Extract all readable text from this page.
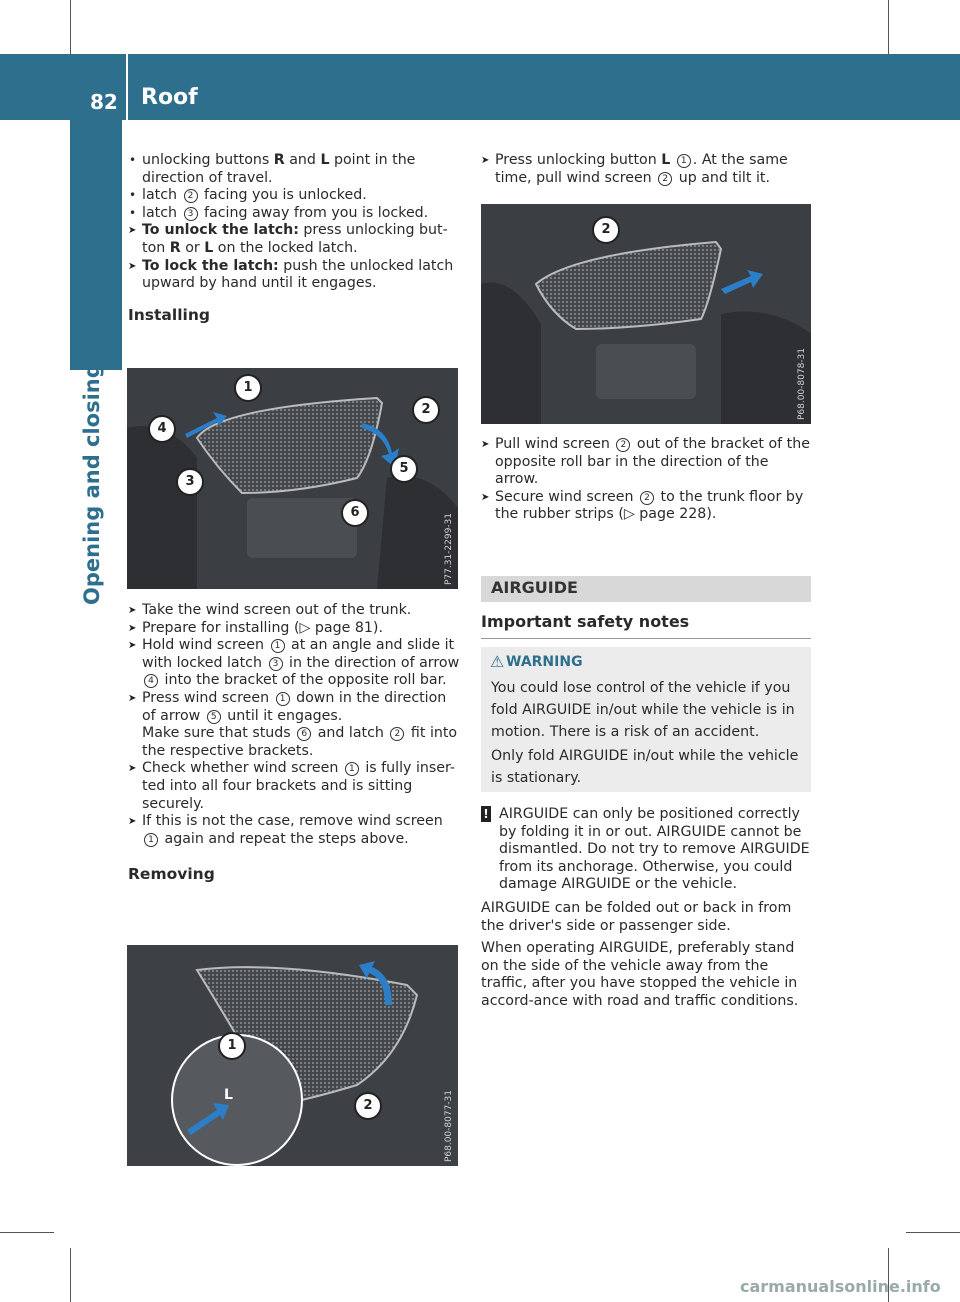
82 Roof
Opening and closing

• unlocking buttons R and L point in the direction of travel.

• latch 2 facing you is unlocked.

• latch 3 facing away from you is locked.

➤ To unlock the latch: press unlocking but-ton R or L on the locked latch.

➤ To lock the latch: push the unlocked latch upward by hand until it engages.

Installing

1
2
3
4
5
6
P77.31-2299-31

➤ Take the wind screen out of the trunk.

➤ Prepare for installing (▷ page 81).

➤ Hold wind screen 1 at an angle and slide it with locked latch 3 in the direction of arrow 4 into the bracket of the opposite roll bar.

➤ Press wind screen 1 down in the direction of arrow 5 until it engages.
Make sure that studs 6 and latch 2 fit into the respective brackets.

➤ Check whether wind screen 1 is fully inser-ted into all four brackets and is sitting securely.

➤ If this is not the case, remove wind screen 1 again and repeat the steps above.

Removing

1
2
L	P68.00-8077-31

➤ Press unlocking button L 1 . At the same time, pull wind screen 2 up and tilt it.

2
P68.00-8078-31

➤ Pull wind screen 2 out of the bracket of the opposite roll bar in the direction of the arrow.

➤ Secure wind screen 2 to the trunk floor by the rubber strips (▷ page 228).

AIRGUIDE
Important safety notes
⚠ WARNING

You could lose control of the vehicle if you fold AIRGUIDE in/out while the vehicle is in motion. There is a risk of an accident.

Only fold AIRGUIDE in/out while the vehicle is stationary.

! AIRGUIDE can only be positioned correctly by folding it in or out. AIRGUIDE cannot be dismantled. Do not try to remove AIRGUIDE from its anchorage. Otherwise, you could damage AIRGUIDE or the vehicle.

AIRGUIDE can be folded out or back in from the driver's side or passenger side.

When operating AIRGUIDE, preferably stand on the side of the vehicle away from the traffic, after you have stopped the vehicle in accord-ance with road and traffic conditions.

carmanualsonline.info
